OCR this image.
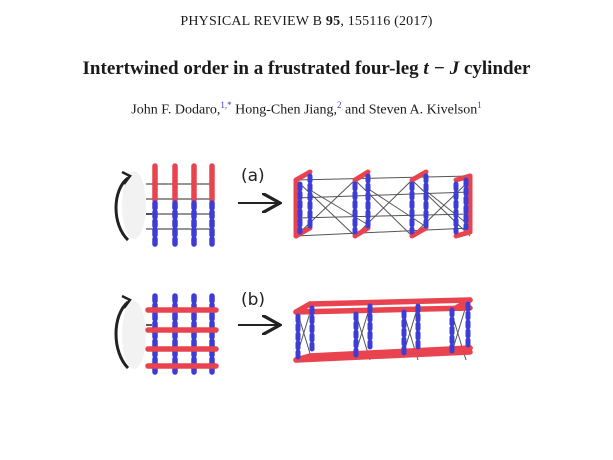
PHYSICAL REVIEW B 95, 155116 (2017)
Intertwined order in a frustrated four-leg t − J cylinder
John F. Dodaro,$^{1,*}$ Hong-Chen Jiang,$^2$ and Steven A. Kivelson$^1$
(a)
(b)
